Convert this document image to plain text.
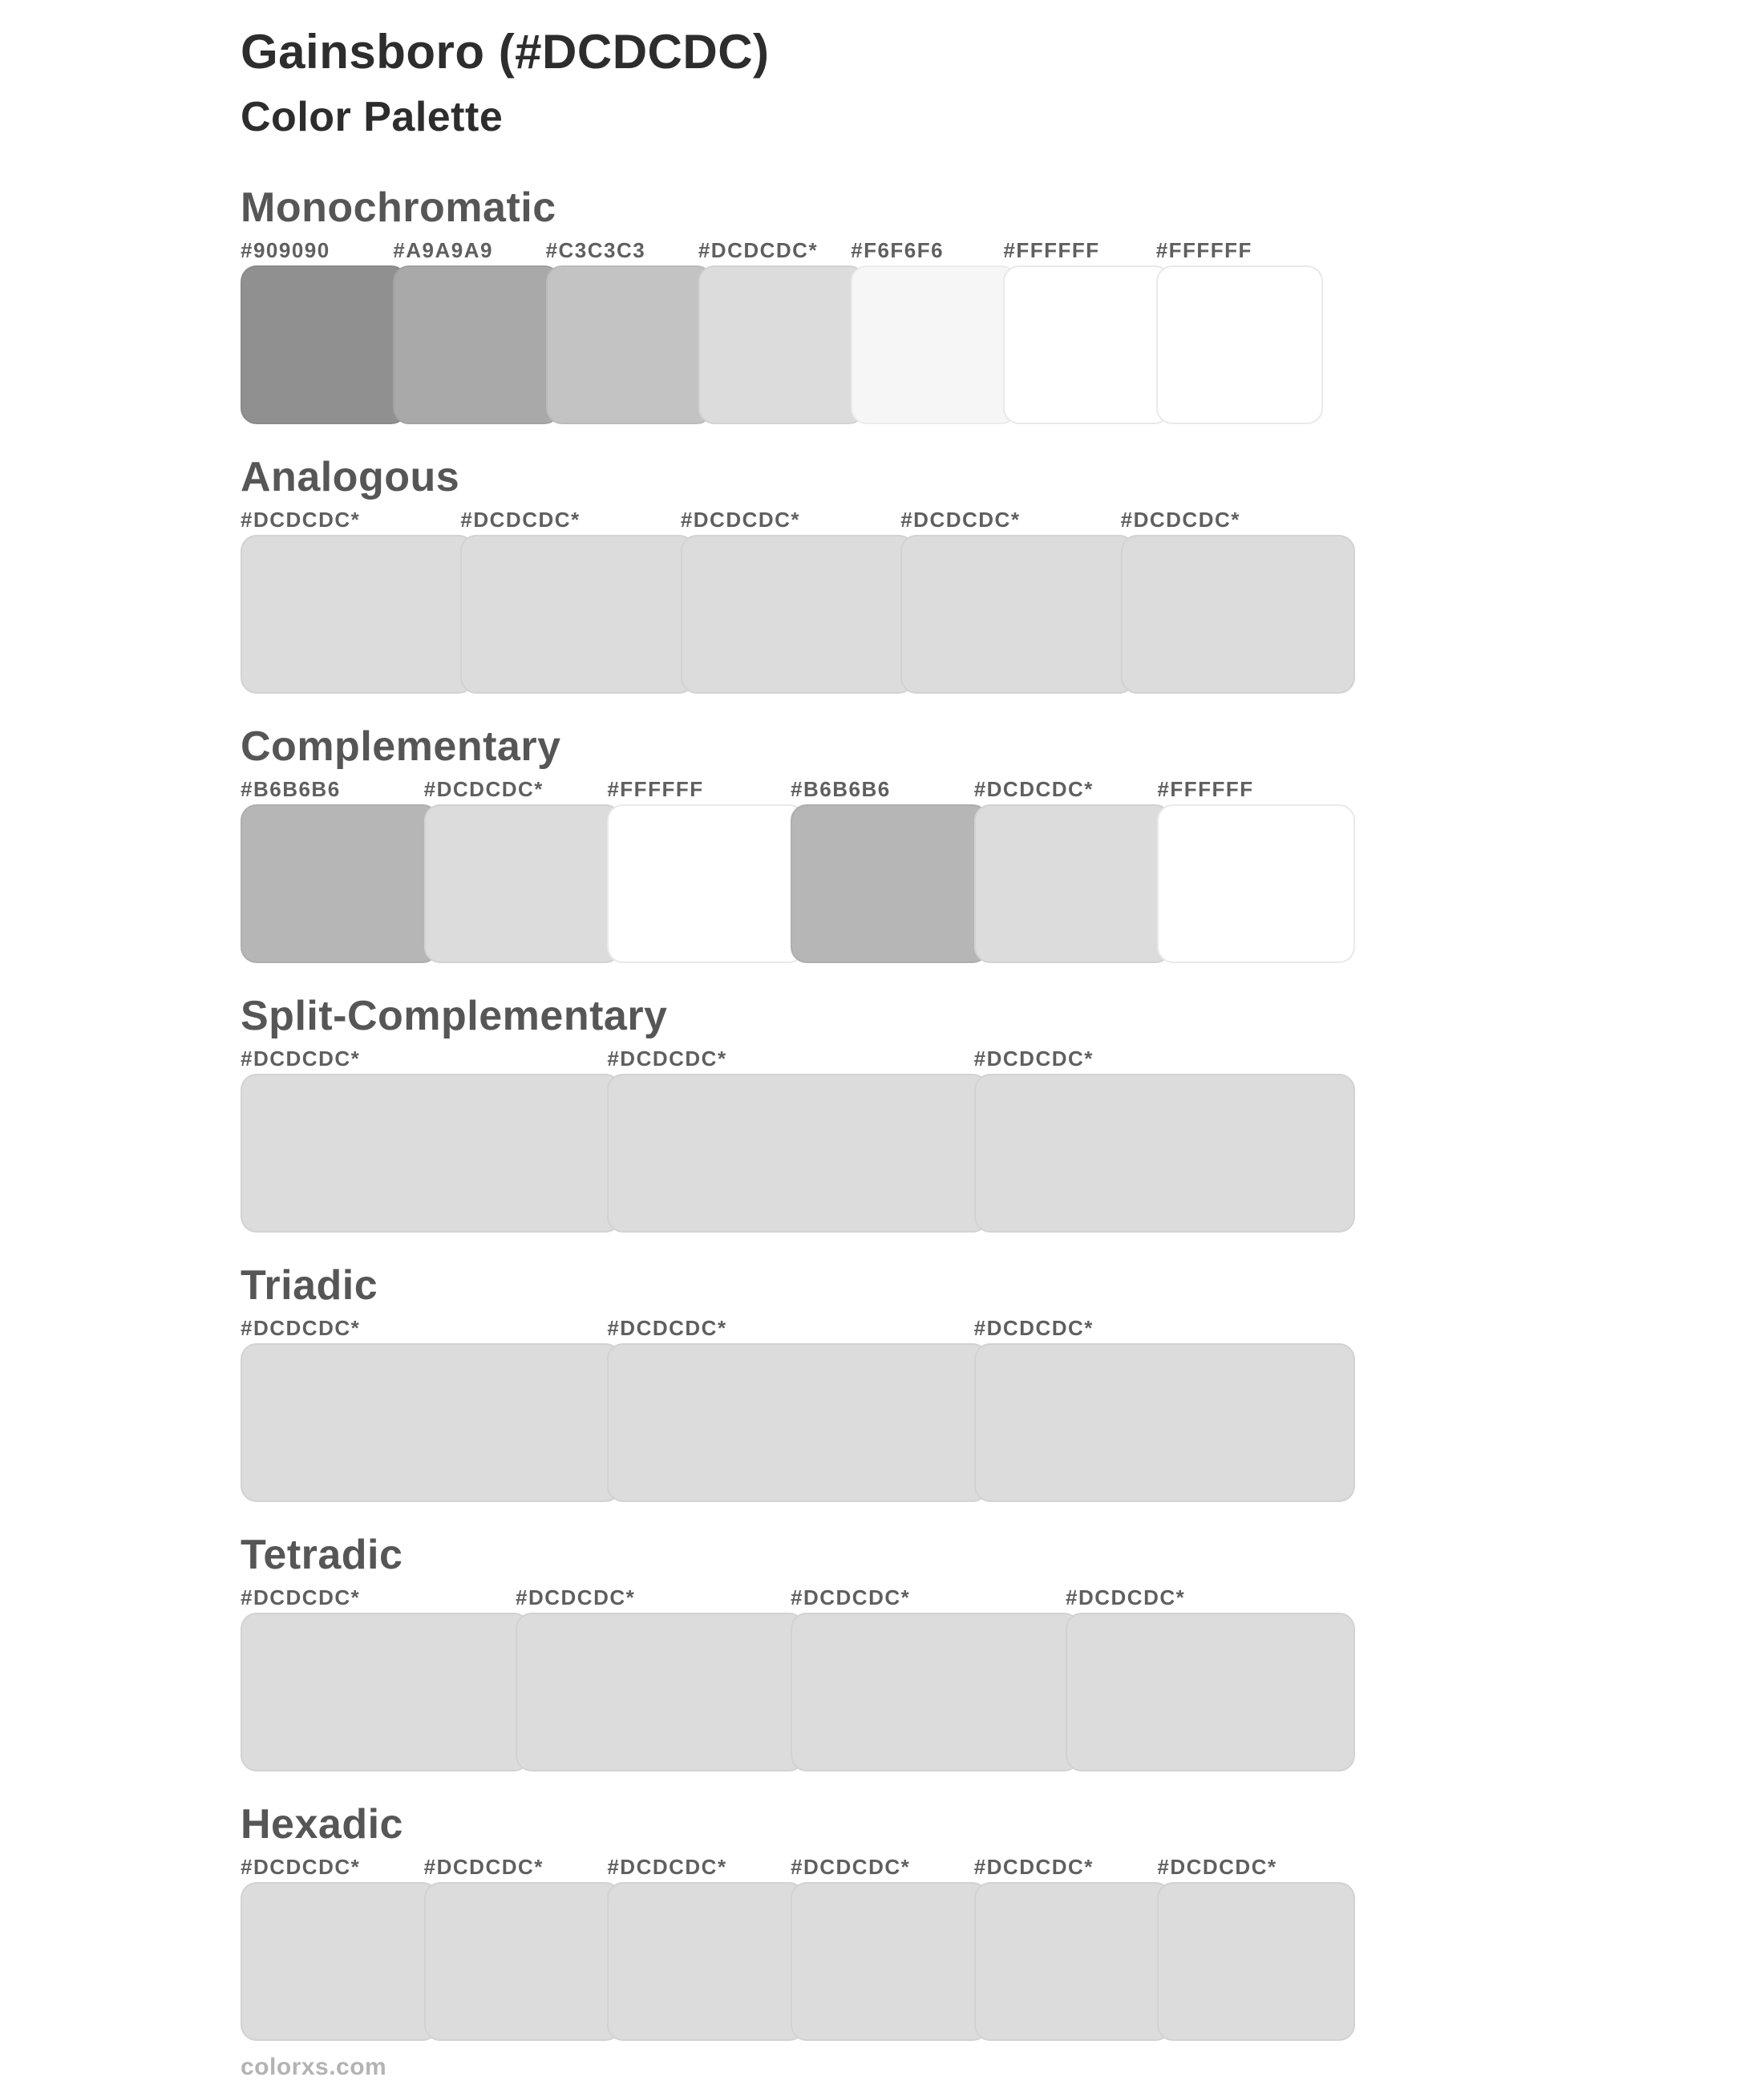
Gainsboro (#DCDCDC)
Color Palette
Monochromatic
#909090	#A9A9A9	#C3C3C3	#DCDCDC*	#F6F6F6	#FFFFFF	#FFFFFF
Analogous
#DCDCDC*	#DCDCDC*	#DCDCDC*	#DCDCDC*	#DCDCDC*
Complementary
#B6B6B6	#DCDCDC*	#FFFFFF	#B6B6B6	#DCDCDC*	#FFFFFF
Split-Complementary
#DCDCDC*	#DCDCDC*	#DCDCDC*
Triadic
#DCDCDC*	#DCDCDC*	#DCDCDC*
Tetradic
#DCDCDC*	#DCDCDC*	#DCDCDC*	#DCDCDC*
Hexadic
#DCDCDC*	#DCDCDC*	#DCDCDC*	#DCDCDC*	#DCDCDC*	#DCDCDC*
colorxs.com
